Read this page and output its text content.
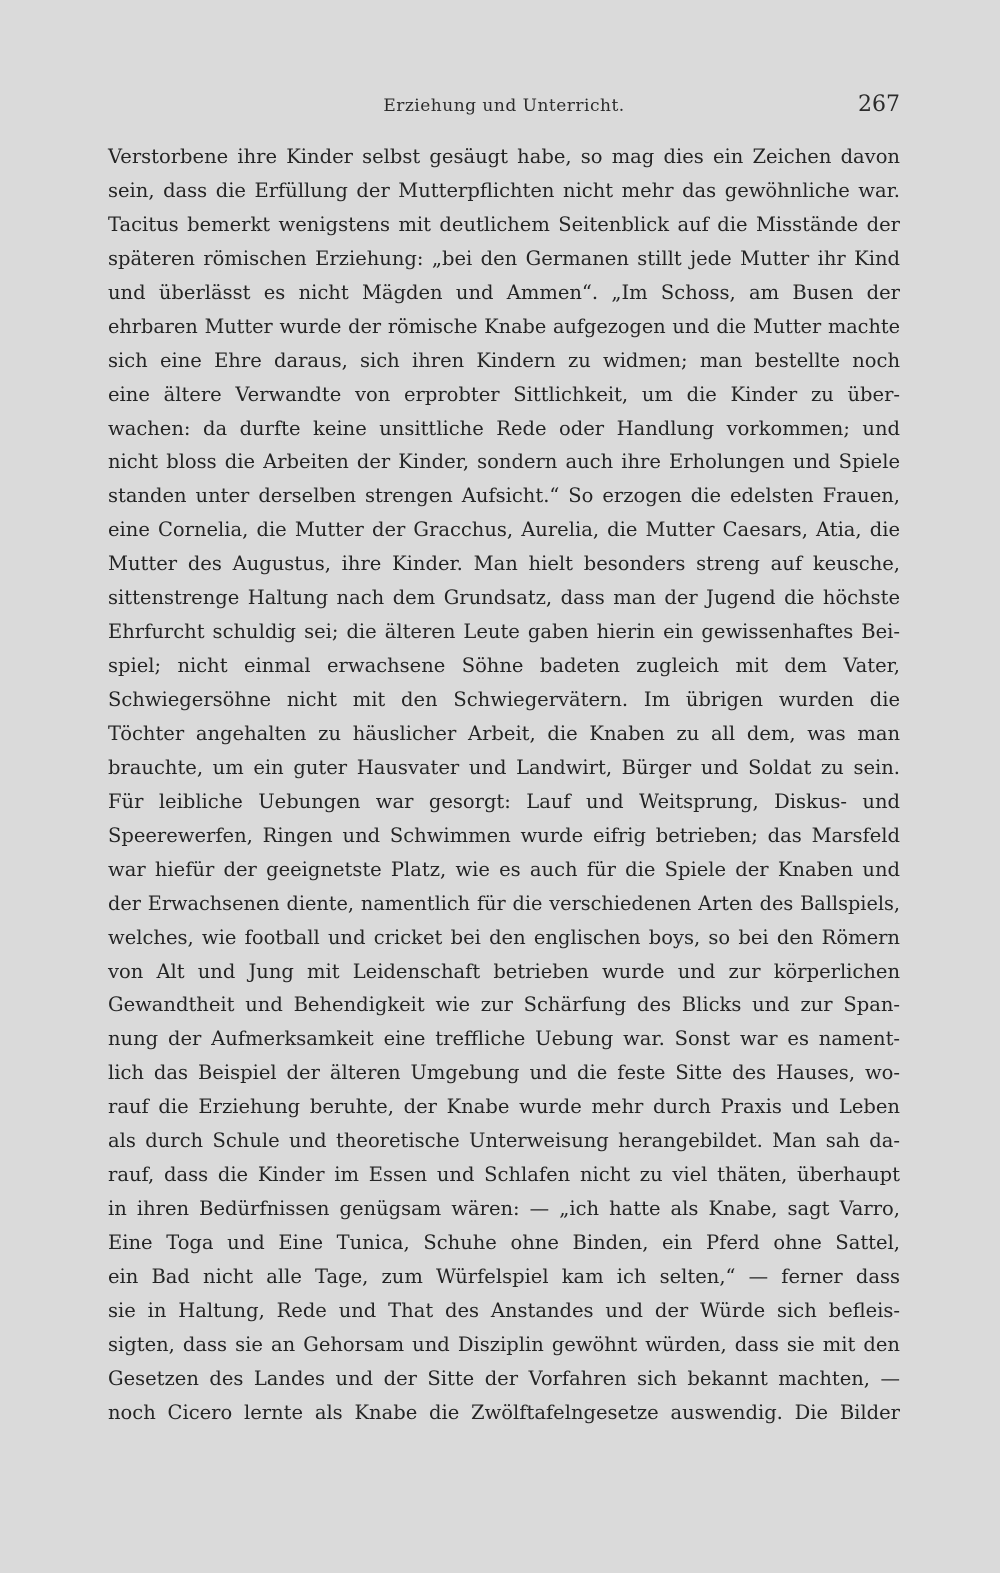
Erziehung und Unterricht.	267
Verstorbene ihre Kinder selbst gesäugt habe, so mag dies ein Zeichen davon
sein, dass die Erfüllung der Mutterpflichten nicht mehr das gewöhnliche war.
Tacitus bemerkt wenigstens mit deutlichem Seitenblick auf die Misstände der
späteren römischen Erziehung: „bei den Germanen stillt jede Mutter ihr Kind
und überlässt es nicht Mägden und Ammen“. „Im Schoss, am Busen der
ehrbaren Mutter wurde der römische Knabe aufgezogen und die Mutter machte
sich eine Ehre daraus, sich ihren Kindern zu widmen; man bestellte noch
eine ältere Verwandte von erprobter Sittlichkeit, um die Kinder zu über-
wachen: da durfte keine unsittliche Rede oder Handlung vorkommen; und
nicht bloss die Arbeiten der Kinder, sondern auch ihre Erholungen und Spiele
standen unter derselben strengen Aufsicht.“ So erzogen die edelsten Frauen,
eine Cornelia, die Mutter der Gracchus, Aurelia, die Mutter Caesars, Atia, die
Mutter des Augustus, ihre Kinder. Man hielt besonders streng auf keusche,
sittenstrenge Haltung nach dem Grundsatz, dass man der Jugend die höchste
Ehrfurcht schuldig sei; die älteren Leute gaben hierin ein gewissenhaftes Bei-
spiel; nicht einmal erwachsene Söhne badeten zugleich mit dem Vater,
Schwiegersöhne nicht mit den Schwiegervätern. Im übrigen wurden die
Töchter angehalten zu häuslicher Arbeit, die Knaben zu all dem, was man
brauchte, um ein guter Hausvater und Landwirt, Bürger und Soldat zu sein.
Für leibliche Uebungen war gesorgt: Lauf und Weitsprung, Diskus- und
Speerewerfen, Ringen und Schwimmen wurde eifrig betrieben; das Marsfeld
war hiefür der geeignetste Platz, wie es auch für die Spiele der Knaben und
der Erwachsenen diente, namentlich für die verschiedenen Arten des Ballspiels,
welches, wie football und cricket bei den englischen boys, so bei den Römern
von Alt und Jung mit Leidenschaft betrieben wurde und zur körperlichen
Gewandtheit und Behendigkeit wie zur Schärfung des Blicks und zur Span-
nung der Aufmerksamkeit eine treffliche Uebung war. Sonst war es nament-
lich das Beispiel der älteren Umgebung und die feste Sitte des Hauses, wo-
rauf die Erziehung beruhte, der Knabe wurde mehr durch Praxis und Leben
als durch Schule und theoretische Unterweisung herangebildet. Man sah da-
rauf, dass die Kinder im Essen und Schlafen nicht zu viel thäten, überhaupt
in ihren Bedürfnissen genügsam wären: — „ich hatte als Knabe, sagt Varro,
Eine Toga und Eine Tunica, Schuhe ohne Binden, ein Pferd ohne Sattel,
ein Bad nicht alle Tage, zum Würfelspiel kam ich selten,“ — ferner dass
sie in Haltung, Rede und That des Anstandes und der Würde sich befleis-
sigten, dass sie an Gehorsam und Disziplin gewöhnt würden, dass sie mit den
Gesetzen des Landes und der Sitte der Vorfahren sich bekannt machten, —
noch Cicero lernte als Knabe die Zwölftafelngesetze auswendig. Die Bilder
